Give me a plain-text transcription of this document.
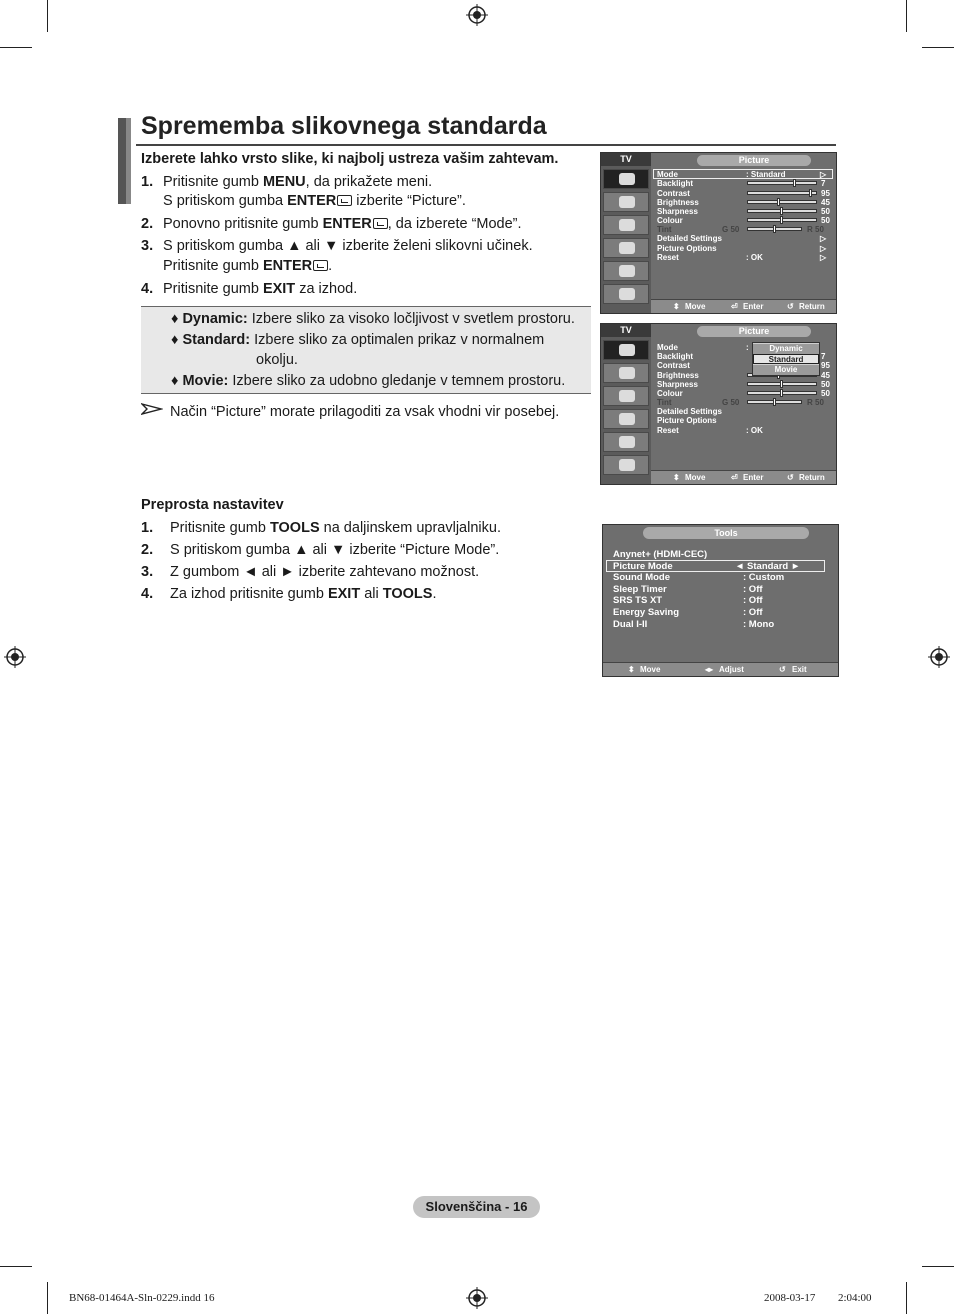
Sprememba slikovnega standarda
Izberete lahko vrsto slike, ki najbolj ustreza vašim zahtevam.
1. Pritisnite gumb MENU, da prikažete meni.
S pritiskom gumba ENTER izberite “Picture”.
2. Ponovno pritisnite gumb ENTER , da izberete “Mode”.
3. S pritiskom gumba ▲ ali ▼ izberite želeni slikovni učinek.
Pritisnite gumb ENTER .
4. Pritisnite gumb EXIT za izhod.
♦ Dynamic: Izbere sliko za visoko ločljivost v svetlem prostoru.
♦ Standard: Izbere sliko za optimalen prikaz v normalnem
okolju.
♦ Movie: Izbere sliko za udobno gledanje v temnem prostoru.
Način “Picture” morate prilagoditi za vsak vhodni vir posebej.
Preprosta nastavitev
1. Pritisnite gumb TOOLS na daljinskem upravljalniku.
2. S pritiskom gumba ▲ ali ▼ izberite “Picture Mode”.
3. Z gumbom ◄ ali ► izberite zahtevano možnost.
4. Za izhod pritisnite gumb EXIT ali TOOLS.
TV	Picture
Mode	: Standard	▷
Backlight	7
Contrast	95
Brightness	45
Sharpness	50
Colour	50
Tint	G 50	R 50
Detailed Settings	▷
Picture Options	▷
Reset	: OK	▷
⬍ Move	⏎ Enter	↺ Return
TV	Picture
Mode	:
Backlight	7
Contrast	95
Brightness	45
Sharpness	50
Colour	50
Tint	G 50	R 50
Detailed Settings
Picture Options
Reset	: OK
Dynamic
Standard
Movie
⬍ Move	⏎ Enter	↺ Return
Tools
Anynet+ (HDMI-CEC)
Picture Mode	◄ Standard ►
Sound Mode	: Custom
Sleep Timer	: Off
SRS TS XT	: Off
Energy Saving	: Off
Dual I-II	: Mono
⬍ Move	◂▸ Adjust	↺ Exit
Slovenščina - 16
BN68-01464A-Sln-0229.indd 16	2008-03-17 ￿￿ 2:04:00
